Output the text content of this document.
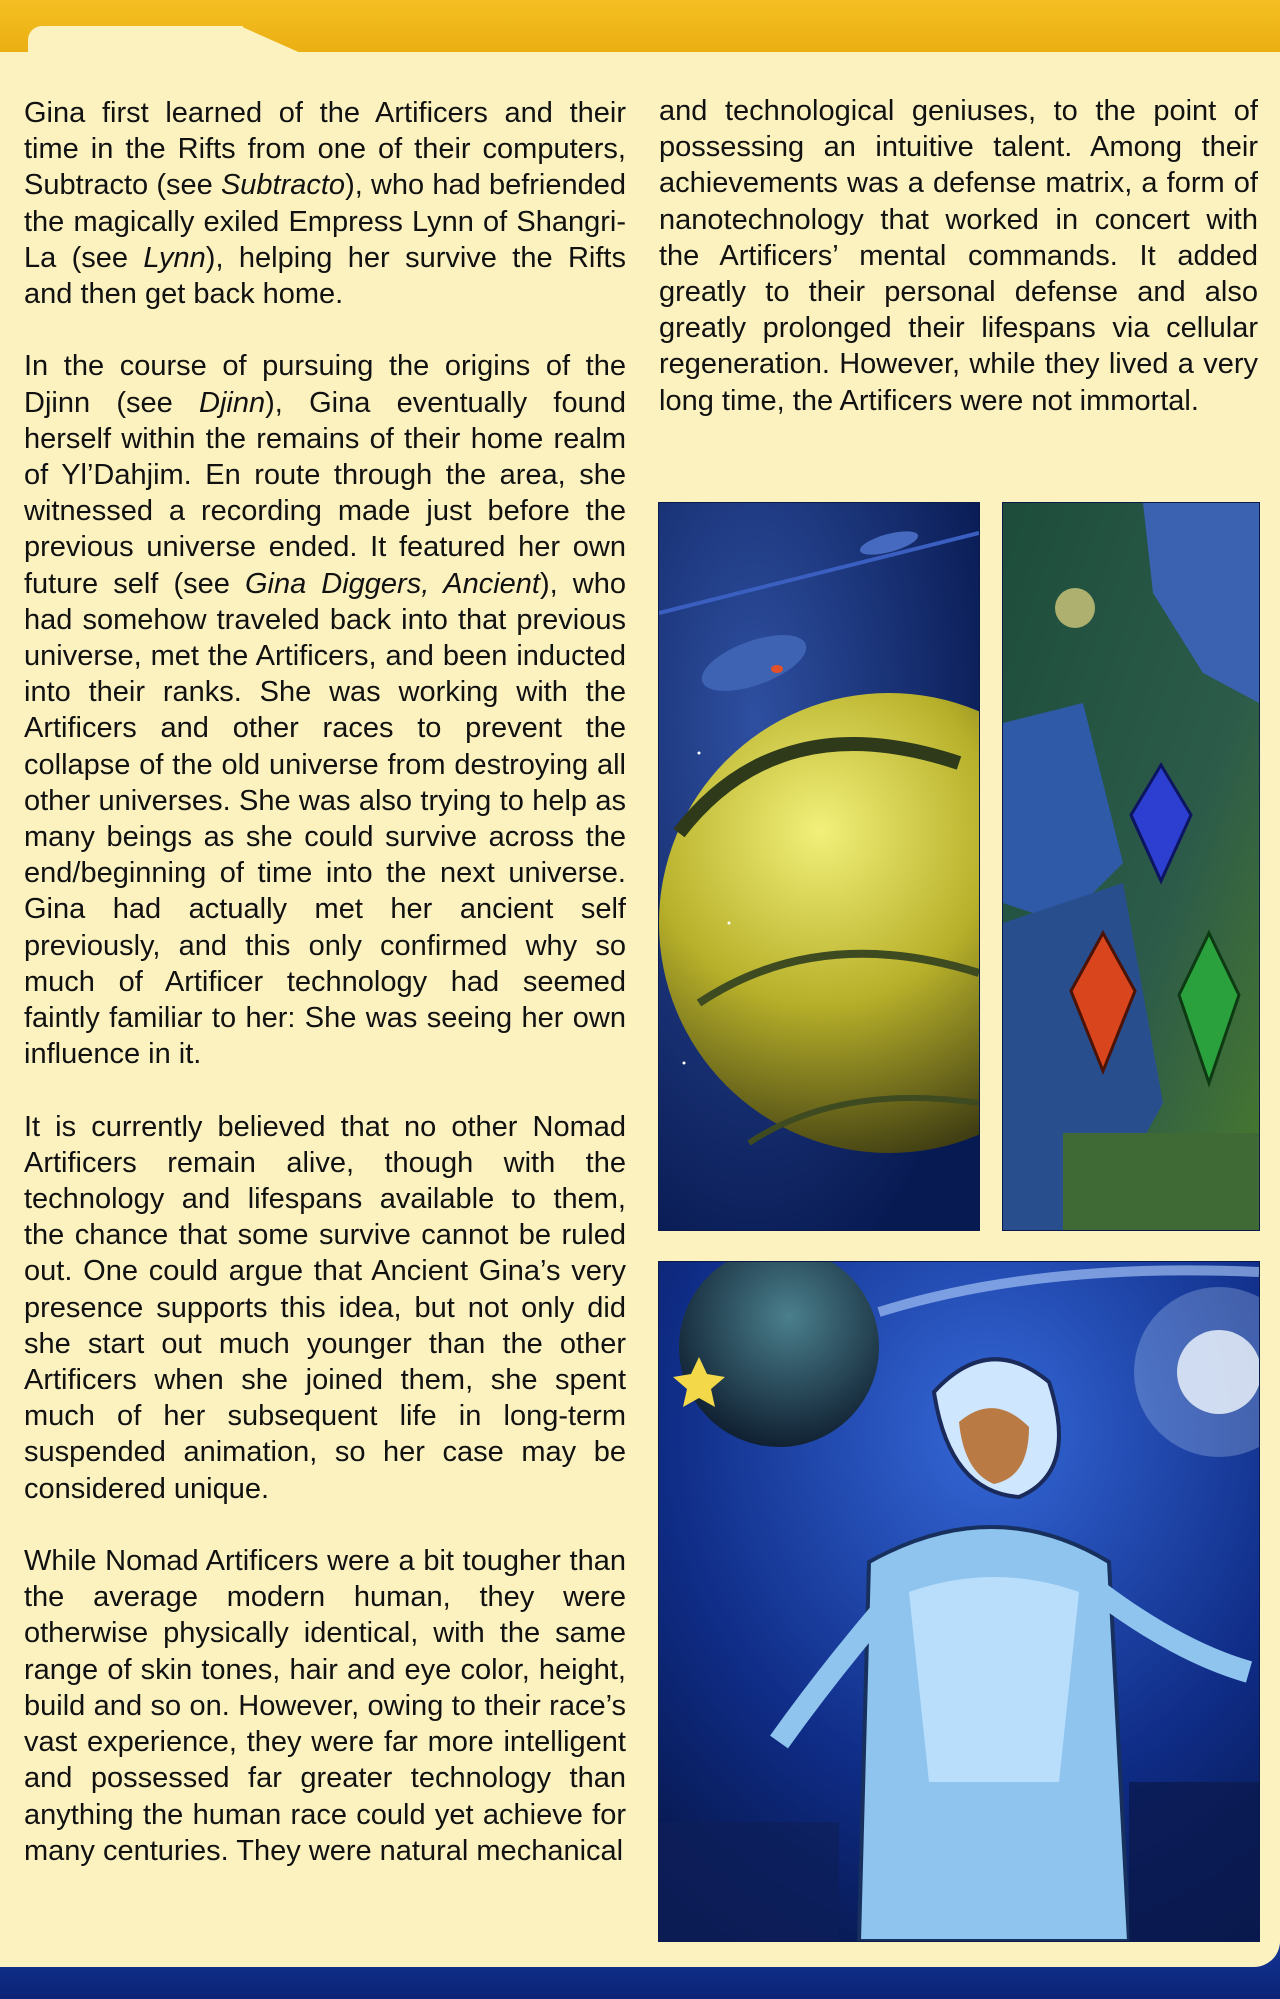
Gina first learned of the Artificers and their time in the Rifts from one of their computers, Subtracto (see Subtracto), who had befriended the magically exiled Empress Lynn of Shangri-La (see Lynn), helping her survive the Rifts and then get back home.

In the course of pursuing the origins of the Djinn (see Djinn), Gina eventually found herself within the remains of their home realm of Yl’Dahjim. En route through the area, she witnessed a recording made just before the previous universe ended. It featured her own future self (see Gina Diggers, Ancient), who had somehow traveled back into that previous universe, met the Artificers, and been inducted into their ranks. She was working with the Artificers and other races to prevent the collapse of the old universe from destroying all other universes. She was also trying to help as many beings as she could survive across the end/beginning of time into the next universe. Gina had actually met her ancient self previously, and this only confirmed why so much of Artificer technology had seemed faintly familiar to her: She was seeing her own influence in it.

It is currently believed that no other Nomad Artificers remain alive, though with the technology and lifespans available to them, the chance that some survive cannot be ruled out. One could argue that Ancient Gina’s very presence supports this idea, but not only did she start out much younger than the other Artificers when she joined them, she spent much of her subsequent life in long-term suspended animation, so her case may be considered unique.

While Nomad Artificers were a bit tougher than the average modern human, they were otherwise physically identical, with the same range of skin tones, hair and eye color, height, build and so on. However, owing to their race’s vast experience, they were far more intelligent and possessed far greater technology than anything the human race could yet achieve for many centuries. They were natural mechanical

and technological geniuses, to the point of possessing an intuitive talent. Among their achievements was a defense matrix, a form of nanotechnology that worked in concert with the Artificers’ mental commands. It added greatly to their personal defense and also greatly prolonged their lifespans via cellular regeneration. However, while they lived a very long time, the Artificers were not immortal.
